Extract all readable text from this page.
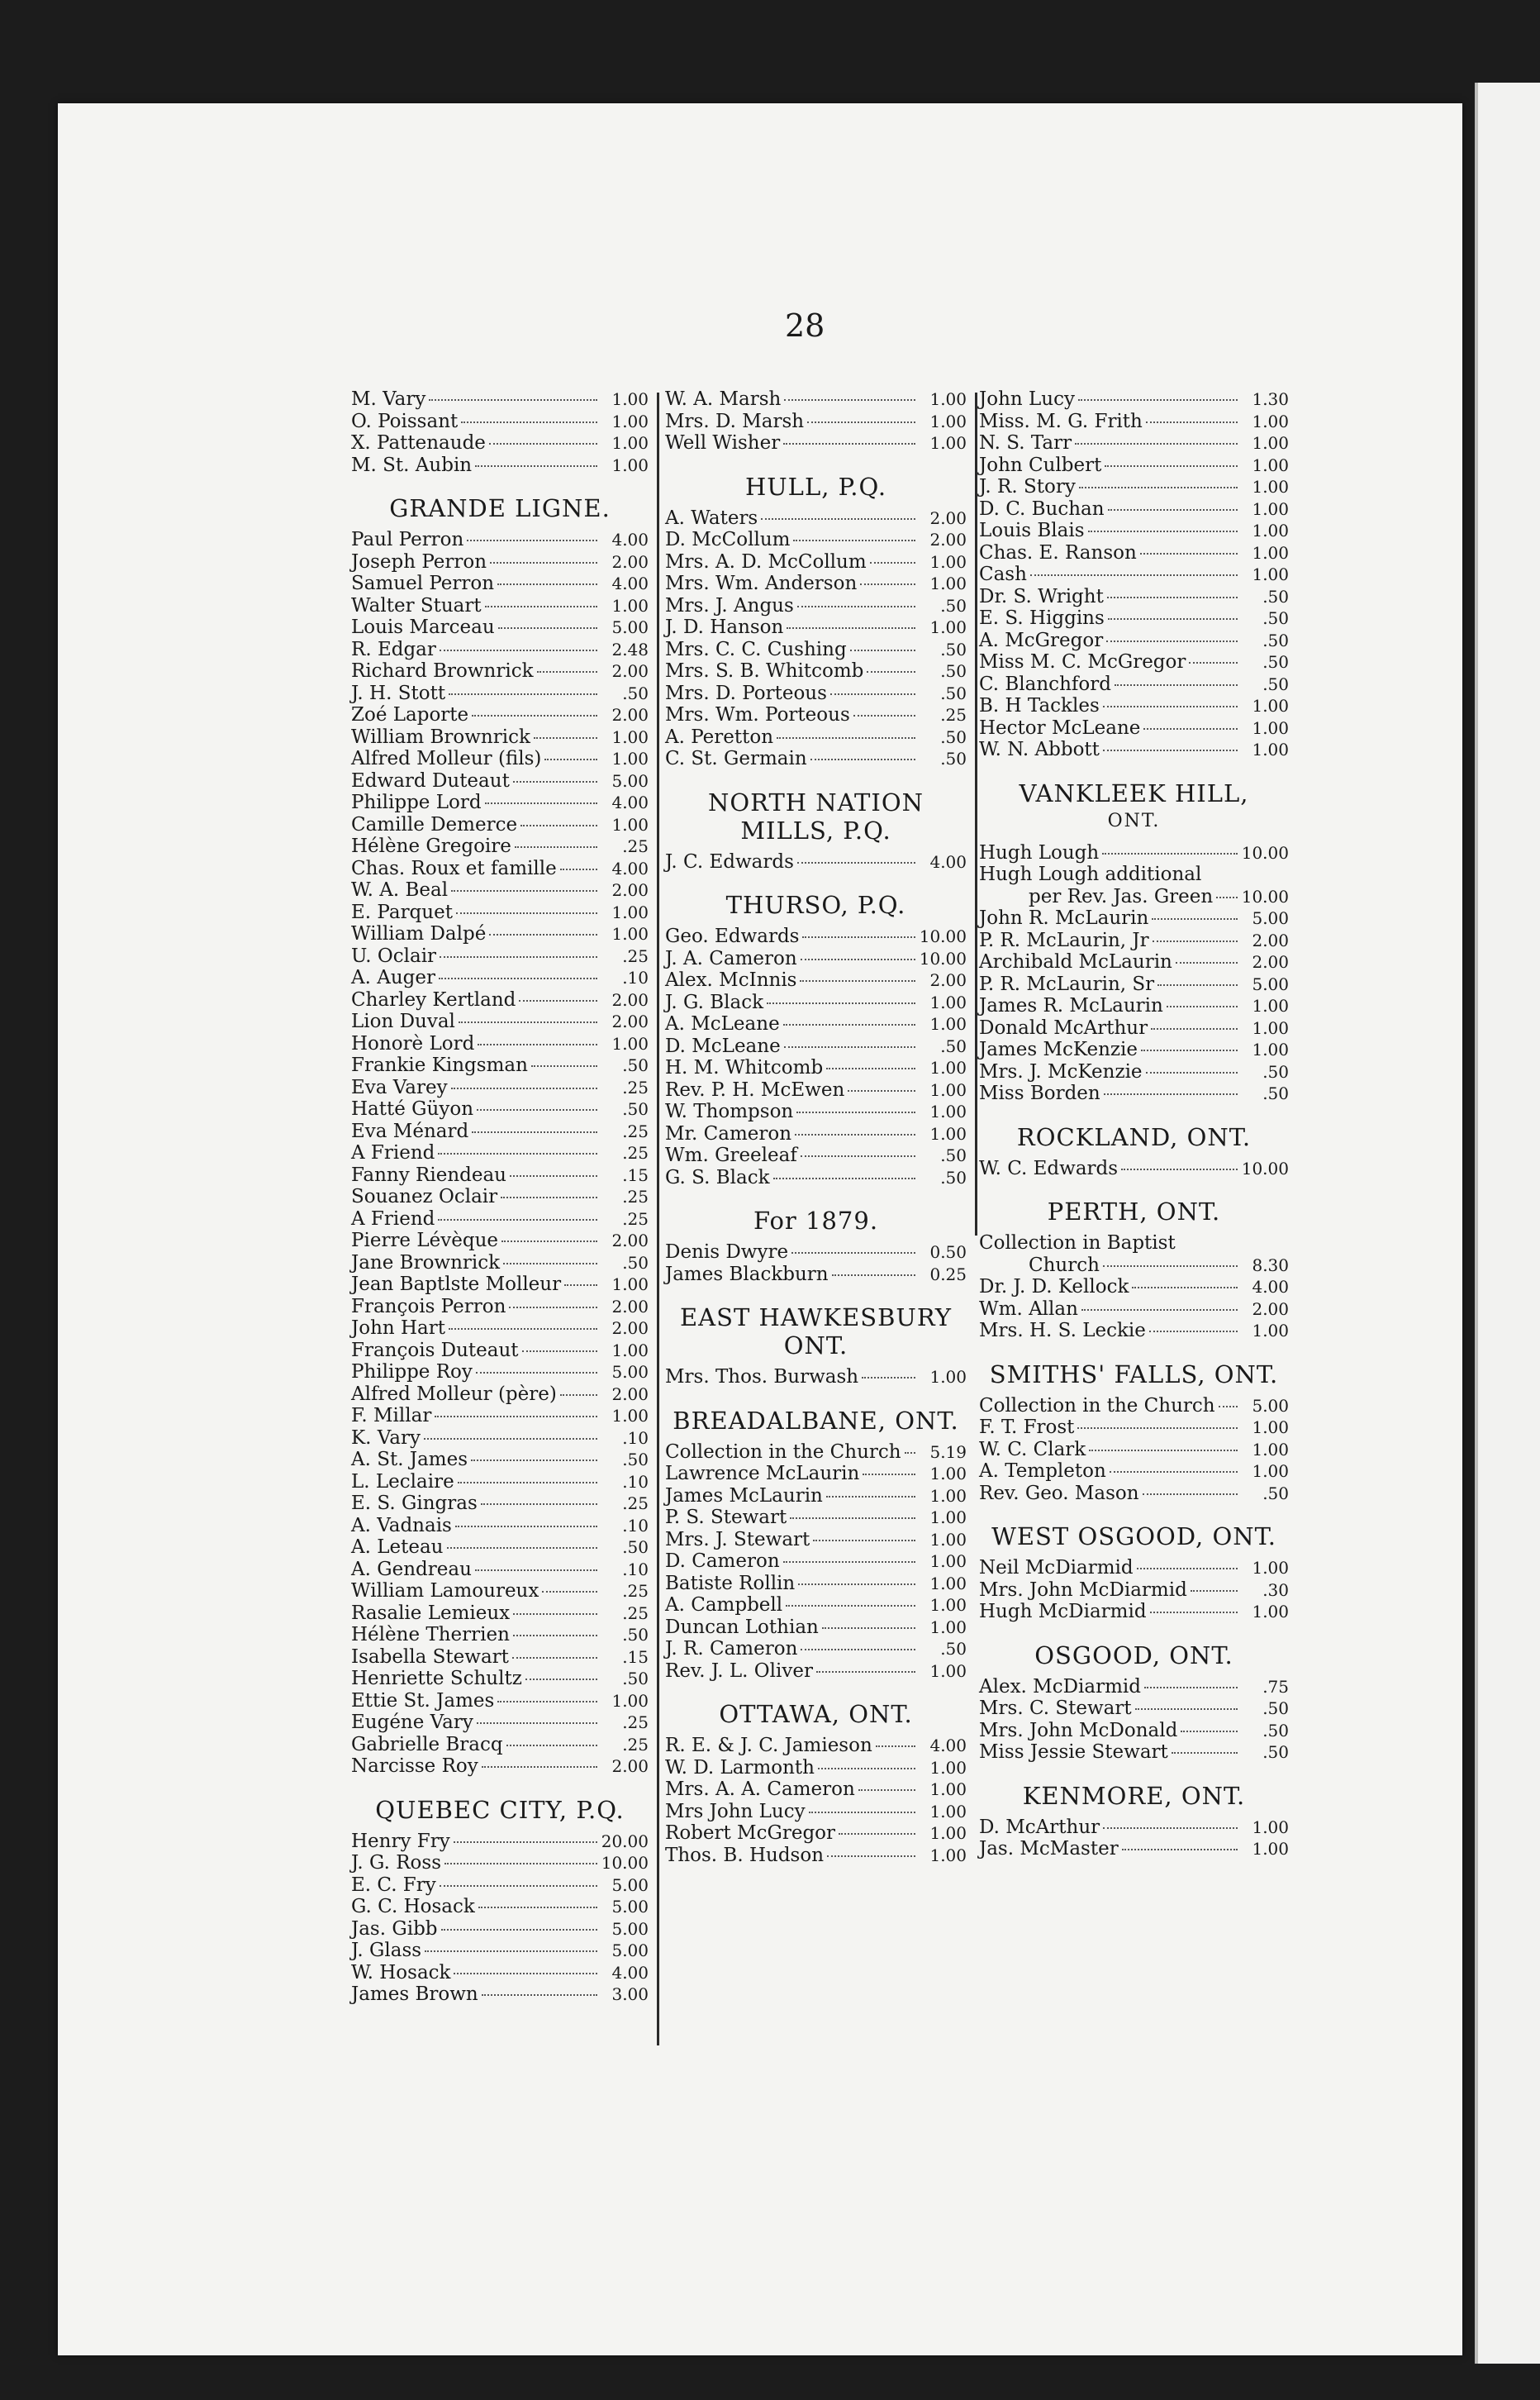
28
M. Vary	1.00
O. Poissant	1.00
X. Pattenaude	1.00
M. St. Aubin	1.00
GRANDE LIGNE.
Paul Perron	4.00
Joseph Perron	2.00
Samuel Perron	4.00
Walter Stuart	1.00
Louis Marceau	5.00
R. Edgar	2.48
Richard Brownrick	2.00
J. H. Stott	.50
Zoé Laporte	2.00
William Brownrick	1.00
Alfred Molleur (fils)	1.00
Edward Duteaut	5.00
Philippe Lord	4.00
Camille Demerce	1.00
Hélène Gregoire	.25
Chas. Roux et famille	4.00
W. A. Beal	2.00
E. Parquet	1.00
William Dalpé	1.00
U. Oclair	.25
A. Auger	.10
Charley Kertland	2.00
Lion Duval	2.00
Honorè Lord	1.00
Frankie Kingsman	.50
Eva Varey	.25
Hatté Güyon	.50
Eva Ménard	.25
A Friend	.25
Fanny Riendeau	.15
Souanez Oclair	.25
A Friend	.25
Pierre Lévèque	2.00
Jane Brownrick	.50
Jean Baptlste Molleur	1.00
François Perron	2.00
John Hart	2.00
François Duteaut	1.00
Philippe Roy	5.00
Alfred Molleur (père)	2.00
F. Millar	1.00
K. Vary	.10
A. St. James	.50
L. Leclaire	.10
E. S. Gingras	.25
A. Vadnais	.10
A. Leteau	.50
A. Gendreau	.10
William Lamoureux	.25
Rasalie Lemieux	.25
Hélène Therrien	.50
Isabella Stewart	.15
Henriette Schultz	.50
Ettie St. James	1.00
Eugéne Vary	.25
Gabrielle Bracq	.25
Narcisse Roy	2.00
QUEBEC CITY, P.Q.
Henry Fry	20.00
J. G. Ross	10.00
E. C. Fry	5.00
G. C. Hosack	5.00
Jas. Gibb	5.00
J. Glass	5.00
W. Hosack	4.00
James Brown	3.00
W. A. Marsh	1.00
Mrs. D. Marsh	1.00
Well Wisher	1.00
HULL, P.Q.
A. Waters	2.00
D. McCollum	2.00
Mrs. A. D. McCollum	1.00
Mrs. Wm. Anderson	1.00
Mrs. J. Angus	.50
J. D. Hanson	1.00
Mrs. C. C. Cushing	.50
Mrs. S. B. Whitcomb	.50
Mrs. D. Porteous	.50
Mrs. Wm. Porteous	.25
A. Peretton	.50
C. St. Germain	.50
NORTH NATION MILLS, P.Q.
J. C. Edwards	4.00
THURSO, P.Q.
Geo. Edwards	10.00
J. A. Cameron	10.00
Alex. McInnis	2.00
J. G. Black	1.00
A. McLeane	1.00
D. McLeane	.50
H. M. Whitcomb	1.00
Rev. P. H. McEwen	1.00
W. Thompson	1.00
Mr. Cameron	1.00
Wm. Greeleaf	.50
G. S. Black	.50
For 1879.
Denis Dwyre	0.50
James Blackburn	0.25
EAST HAWKESBURY ONT.
Mrs. Thos. Burwash	1.00
BREADALBANE, ONT.
Collection in the Church	5.19
Lawrence McLaurin	1.00
James McLaurin	1.00
P. S. Stewart	1.00
Mrs. J. Stewart	1.00
D. Cameron	1.00
Batiste Rollin	1.00
A. Campbell	1.00
Duncan Lothian	1.00
J. R. Cameron	.50
Rev. J. L. Oliver	1.00
OTTAWA, ONT.
R. E. & J. C. Jamieson	4.00
W. D. Larmonth	1.00
Mrs. A. A. Cameron	1.00
Mrs John Lucy	1.00
Robert McGregor	1.00
Thos. B. Hudson	1.00
John Lucy	1.30
Miss. M. G. Frith	1.00
N. S. Tarr	1.00
John Culbert	1.00
J. R. Story	1.00
D. C. Buchan	1.00
Louis Blais	1.00
Chas. E. Ranson	1.00
Cash	1.00
Dr. S. Wright	.50
E. S. Higgins	.50
A. McGregor	.50
Miss M. C. McGregor	.50
C. Blanchford	.50
B. H Tackles	1.00
Hector McLeane	1.00
W. N. Abbott	1.00
VANKLEEK HILL,
ONT.
Hugh Lough	10.00
Hugh Lough additional
per Rev. Jas. Green 10.00
John R. McLaurin	5.00
P. R. McLaurin, Jr	2.00
Archibald McLaurin	2.00
P. R. McLaurin, Sr	5.00
James R. McLaurin	1.00
Donald McArthur	1.00
James McKenzie	1.00
Mrs. J. McKenzie	.50
Miss Borden	.50
ROCKLAND, ONT.
W. C. Edwards	10.00
PERTH, ONT.
Collection in Baptist
Church	8.30
Dr. J. D. Kellock	4.00
Wm. Allan	2.00
Mrs. H. S. Leckie	1.00
SMITHS' FALLS, ONT.
Collection in the Church	5.00
F. T. Frost	1.00
W. C. Clark	1.00
A. Templeton	1.00
Rev. Geo. Mason	.50
WEST OSGOOD, ONT.
Neil McDiarmid	1.00
Mrs. John McDiarmid	.30
Hugh McDiarmid	1.00
OSGOOD, ONT.
Alex. McDiarmid	.75
Mrs. C. Stewart	.50
Mrs. John McDonald	.50
Miss Jessie Stewart	.50
KENMORE, ONT.
D. McArthur	1.00
Jas. McMaster	1.00
